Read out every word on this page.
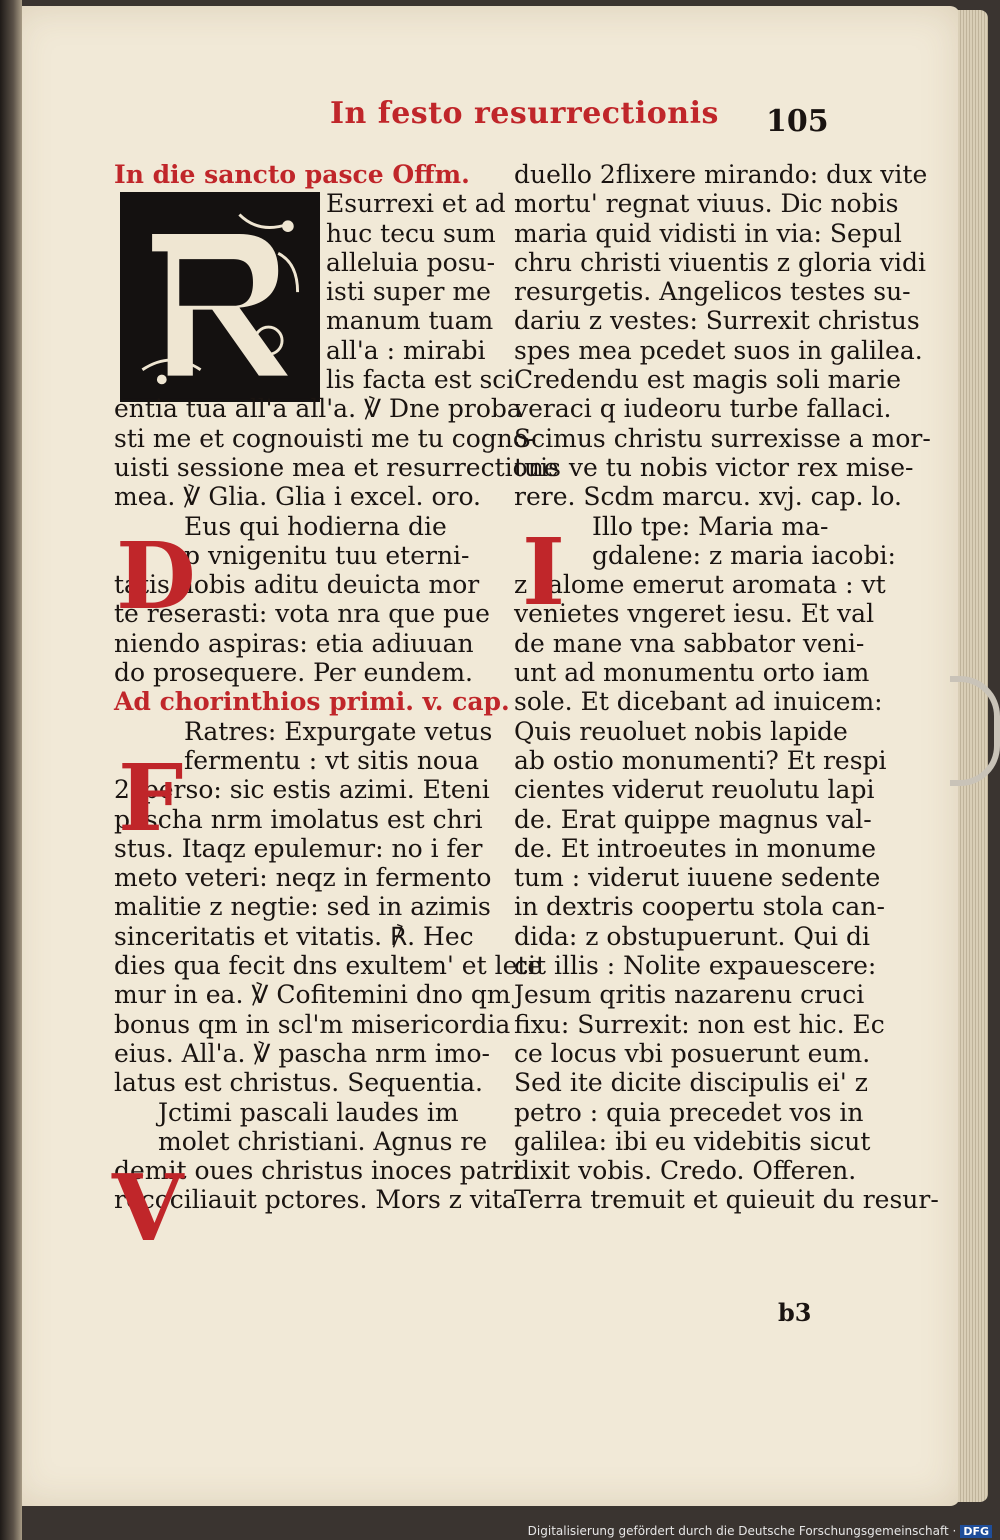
In festo resurrectionis 105
In die sancto pasce Offm.
Esurrexi et ad
huc tecu sum
alleluia posu-
isti super me
manum tuam
all'a : mirabi
lis facta est sci
entia tua all'a all'a. ℣ Dne proba
sti me et cognouisti me tu cogno-
uisti sessione mea et resurrectione
mea. ℣ Glia. Glia i excel. oro.
Eus qui hodierna die
p vnigenitu tuu eterni-
tatis nobis aditu deuicta mor
te reserasti: vota nra que pue
niendo aspiras: etia adiuuan
do prosequere. Per eundem.
Ad chorinthios primi. v. cap.
Ratres: Expurgate vetus
fermentu : vt sitis noua
2sperso: sic estis azimi. Eteni
pascha nrm imolatus est chri
stus. Itaqz epulemur: no i fer
meto veteri: neqz in fermento
malitie z negtie: sed in azimis
sinceritatis et vitatis. ℟. Hec
dies qua fecit dns exultem' et lete
mur in ea. ℣ Cofitemini dno qm
bonus qm in scl'm misericordia
eius. All'a. ℣ pascha nrm imo-
latus est christus. Sequentia.
Jctimi pascali laudes im
molet christiani. Agnus re
demit oues christus inoces patri
recociliauit pctores. Mors z vita
duello 2flixere mirando: dux vite
mortu' regnat viuus. Dic nobis
maria quid vidisti in via: Sepul
chru christi viuentis z gloria vidi
resurgetis. Angelicos testes su-
dariu z vestes: Surrexit christus
spes mea pcedet suos in galilea.
Credendu est magis soli marie
veraci q iudeoru turbe fallaci.
Scimus christu surrexisse a mor-
tuis ve tu nobis victor rex mise-
rere. Scdm marcu. xvj. cap. lo.
Illo tpe: Maria ma-
gdalene: z maria iacobi:
z salome emerut aromata : vt
venietes vngeret iesu. Et val
de mane vna sabbator veni-
unt ad monumentu orto iam
sole. Et dicebant ad inuicem:
Quis reuoluet nobis lapide
ab ostio monumenti? Et respi
cientes viderut reuolutu lapi
de. Erat quippe magnus val-
de. Et introeutes in monume
tum : viderut iuuene sedente
in dextris coopertu stola can-
dida: z obstupuerunt. Qui di
cit illis : Nolite expauescere:
Jesum qritis nazarenu cruci
fixu: Surrexit: non est hic. Ec
ce locus vbi posuerunt eum.
Sed ite dicite discipulis ei' z
petro : quia precedet vos in
galilea: ibi eu videbitis sicut
dixit vobis. Credo. Offeren.
Terra tremuit et quieuit du resur-
b3
Digitalisierung gefördert durch die Deutsche Forschungsgemeinschaft · DFG
D
F
V
I
